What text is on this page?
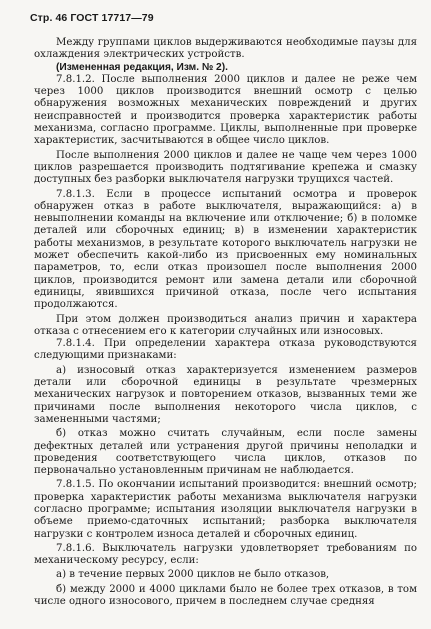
Стр. 46 ГОСТ 17717—79

Между группами циклов выдерживаются необходимые паузы для охлаждения электрических устройств.

(Измененная редакция, Изм. № 2).

7.8.1.2. После выполнения 2000 циклов и далее не реже чем через 1000 циклов производится внешний осмотр с целью обнаружения возможных механических повреждений и других неисправностей и производится проверка характеристик работы механизма, согласно программе. Циклы, выполненные при проверке характеристик, засчитываются в общее число циклов.

После выполнения 2000 циклов и далее не чаще чем через 1000 циклов разрешается производить подтягивание крепежа и смазку доступных без разборки выключателя нагрузки трущихся частей.

7.8.1.3. Если в процессе испытаний осмотра и проверок обнаружен отказ в работе выключателя, выражающийся: а) в невыполнении команды на включение или отключение; б) в поломке деталей или сборочных единиц; в) в изменении характеристик работы механизмов, в результате которого выключатель нагрузки не может обеспечить какой-либо из присвоенных ему номинальных параметров, то, если отказ произошел после выполнения 2000 циклов, производится ремонт или замена детали или сборочной единицы, явившихся причиной отказа, после чего испытания продолжаются.

При этом должен производиться анализ причин и характера отказа с отнесением его к категории случайных или износовых.

7.8.1.4. При определении характера отказа руководствуются следующими признаками:

а) износовый отказ характеризуется изменением размеров детали или сборочной единицы в результате чрезмерных механических нагрузок и повторением отказов, вызванных теми же причинами после выполнения некоторого числа циклов, с замененными частями;

б) отказ можно считать случайным, если после замены дефектных деталей или устранения другой причины неполадки и проведения соответствующего числа циклов, отказов по первоначально установленным причинам не наблюдается.

7.8.1.5. По окончании испытаний производится: внешний осмотр; проверка характеристик работы механизма выключателя нагрузки согласно программе; испытания изоляции выключателя нагрузки в объеме приемо-сдаточных испытаний; разборка выключателя нагрузки с контролем износа деталей и сборочных единиц.

7.8.1.6. Выключатель нагрузки удовлетворяет требованиям по механическому ресурсу, если:

а) в течение первых 2000 циклов не было отказов,

б) между 2000 и 4000 циклами было не более трех отказов, в том числе одного износового, причем в последнем случае средняя
